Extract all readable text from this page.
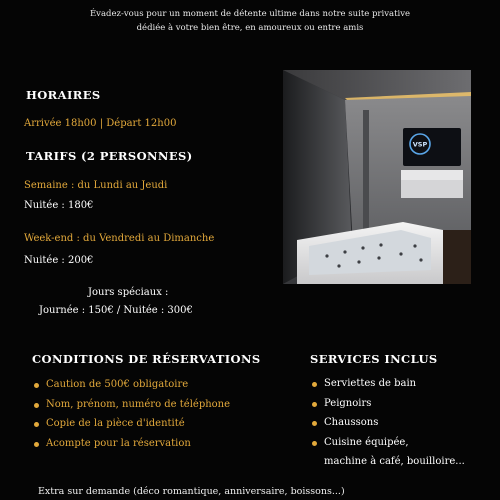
Évadez-vous pour un moment de détente ultime dans notre suite privative
dédiée à votre bien être, en amoureux ou entre amis
HORAIRES
Arrivée 18h00 | Départ 12h00
TARIFS (2 PERSONNES)
Semaine : du Lundi au Jeudi
Nuitée : 180€
Week-end : du Vendredi au Dimanche
Nuitée : 200€
Jours spéciaux :
Journée : 150€ / Nuitée : 300€
VSP
CONDITIONS DE RÉSERVATIONS
Caution de 500€ obligatoire
Nom, prénom, numéro de téléphone
Copie de la pièce d'identité
Acompte pour la réservation
SERVICES INCLUS
Serviettes de bain
Peignoirs
Chaussons
Cuisine équipée,
machine à café, bouilloire...
Extra sur demande (déco romantique, anniversaire, boissons...)
